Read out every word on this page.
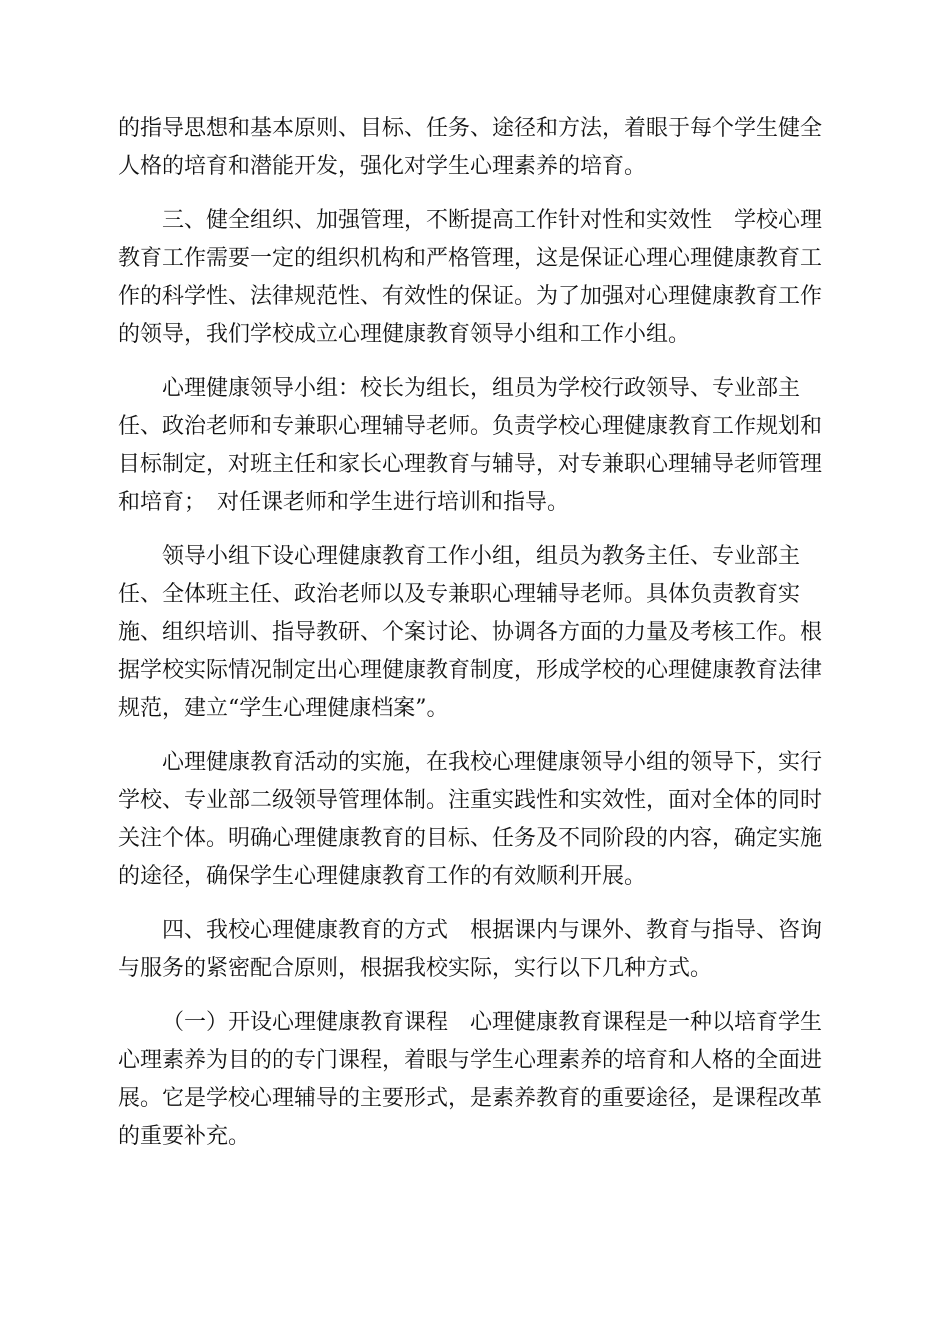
的指导思想和基本原则、目标、任务、途径和方法，着眼于每个学生健全
人格的培育和潜能开发，强化对学生心理素养的培育。
三、健全组织、加强管理，不断提高工作针对性和实效性　学校心理
教育工作需要一定的组织机构和严格管理，这是保证心理心理健康教育工
作的科学性、法律规范性、有效性的保证。为了加强对心理健康教育工作
的领导，我们学校成立心理健康教育领导小组和工作小组。
心理健康领导小组：校长为组长，组员为学校行政领导、专业部主
任、政治老师和专兼职心理辅导老师。负责学校心理健康教育工作规划和
目标制定，对班主任和家长心理教育与辅导，对专兼职心理辅导老师管理
和培育；　对任课老师和学生进行培训和指导。
领导小组下设心理健康教育工作小组，组员为教务主任、专业部主
任、全体班主任、政治老师以及专兼职心理辅导老师。具体负责教育实
施、组织培训、指导教研、个案讨论、协调各方面的力量及考核工作。根
据学校实际情况制定出心理健康教育制度，形成学校的心理健康教育法律
规范，建立“学生心理健康档案”。
心理健康教育活动的实施，在我校心理健康领导小组的领导下，实行
学校、专业部二级领导管理体制。注重实践性和实效性，面对全体的同时
关注个体。明确心理健康教育的目标、任务及不同阶段的内容，确定实施
的途径，确保学生心理健康教育工作的有效顺利开展。
四、我校心理健康教育的方式　根据课内与课外、教育与指导、咨询
与服务的紧密配合原则，根据我校实际，实行以下几种方式。
（一）开设心理健康教育课程　心理健康教育课程是一种以培育学生
心理素养为目的的专门课程，着眼与学生心理素养的培育和人格的全面进
展。它是学校心理辅导的主要形式，是素养教育的重要途径，是课程改革
的重要补充。
